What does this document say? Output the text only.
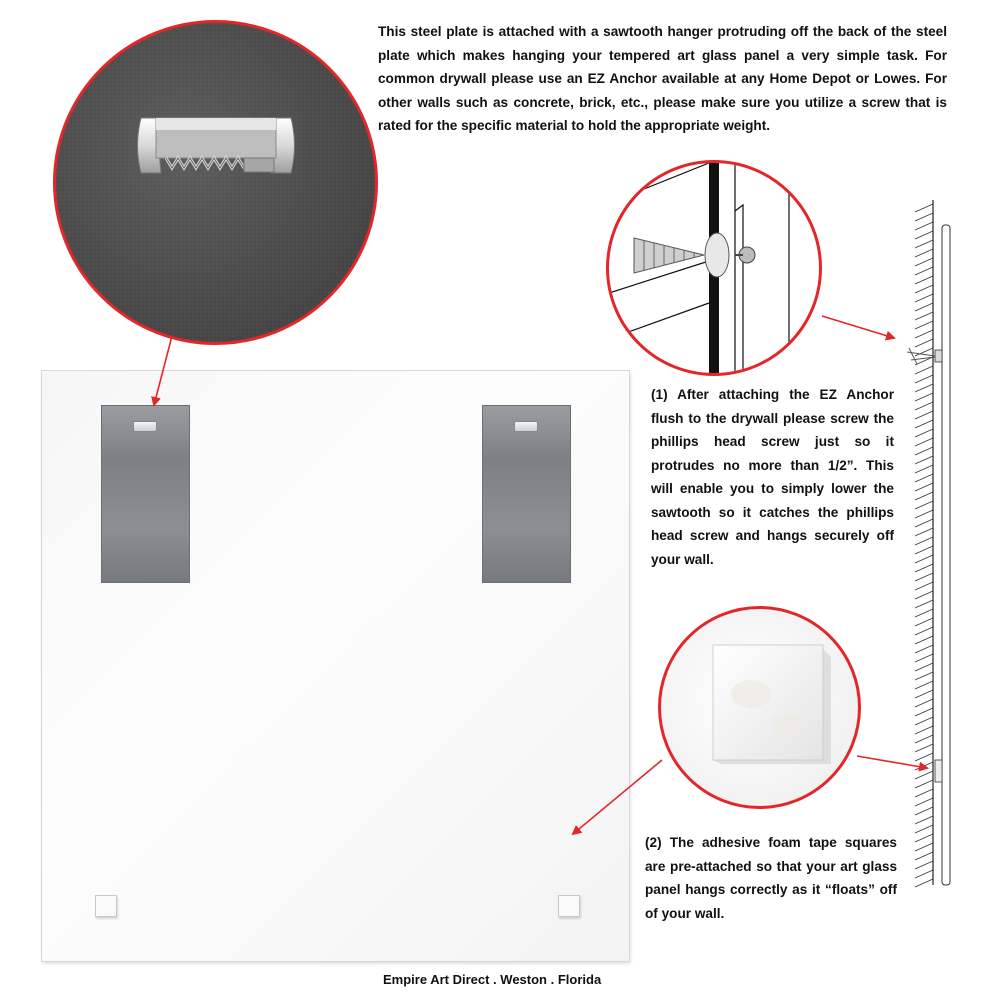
This steel plate is attached with a sawtooth hanger protruding off the back of the steel plate which makes hanging your tempered art glass panel a very simple task. For common drywall please use an EZ Anchor available at any Home Depot or Lowes. For other walls such as concrete, brick, etc., please make sure you utilize a screw that is rated for the specific material to hold the appropriate weight.
(1) After attaching the EZ Anchor flush to the drywall please screw the phillips head screw just so it protrudes no more than 1/2”. This will enable you to simply lower the sawtooth so it catches the phillips head screw and hangs securely off your wall.
(2) The adhesive foam tape squares are pre-attached so that your art glass panel hangs correctly as it “floats” off of your wall.
Empire Art Direct . Weston . Florida
